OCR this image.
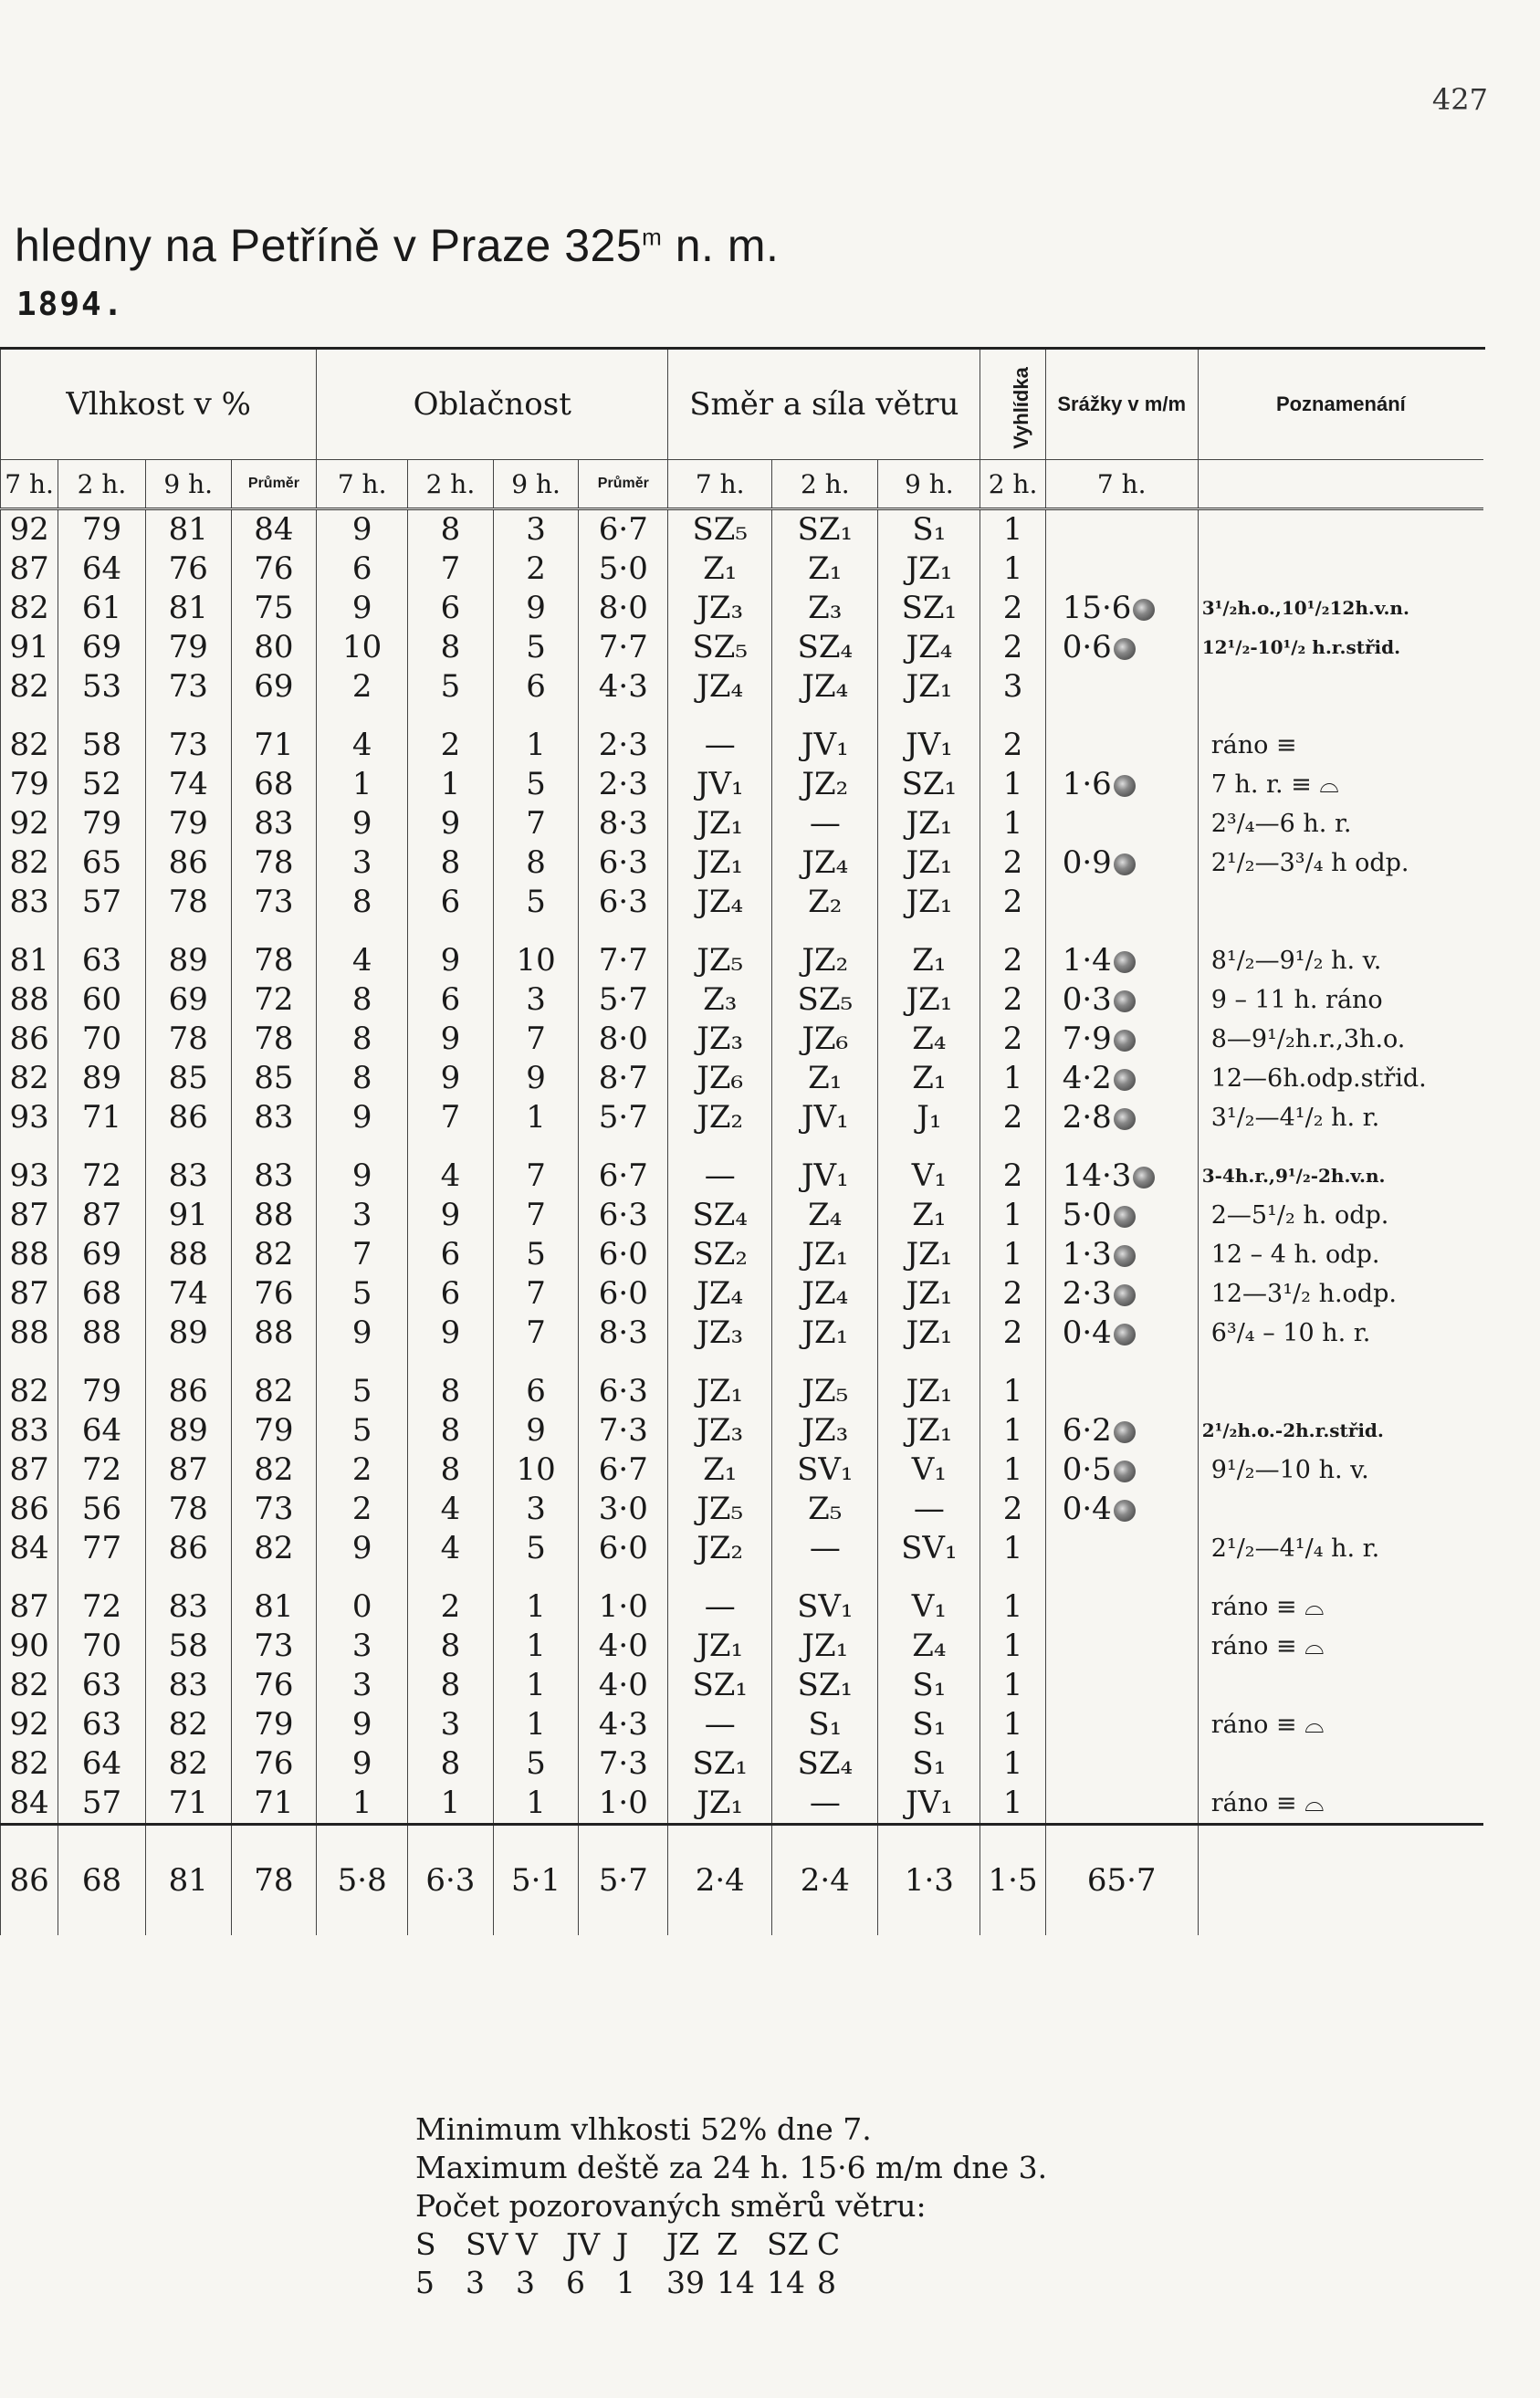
427
hledny na Petříně v Praze 325$^m$ n. m.
1894.
Vlhkost v %				Oblačnost				Směr a síla větru			Vyhlídka	Srážky v m/m	Poznamenání
7 h.	2 h.	9 h.	Průměr	7 h.	2 h.	9 h.	Průměr	7 h.	2 h.	9 h.	2 h.	7 h.	
92	79	81	84	9	8	3	6·7	SZ₅	SZ₁	S₁	1		
87	64	76	76	6	7	2	5·0	Z₁	Z₁	JZ₁	1		
82	61	81	75	9	6	9	8·0	JZ₃	Z₃	SZ₁	2	15·6	3¹/₂h.o.,10¹/₂12h.v.n.
91	69	79	80	10	8	5	7·7	SZ₅	SZ₄	JZ₄	2	0·6	12¹/₂-10¹/₂ h.r.střid.
82	53	73	69	2	5	6	4·3	JZ₄	JZ₄	JZ₁	3		

82	58	73	71	4	2	1	2·3	—	JV₁	JV₁	2		ráno ≡
79	52	74	68	1	1	5	2·3	JV₁	JZ₂	SZ₁	1	1·6	7 h. r. ≡ ⌓
92	79	79	83	9	9	7	8·3	JZ₁	—	JZ₁	1		2³/₄—6 h. r.
82	65	86	78	3	8	8	6·3	JZ₁	JZ₄	JZ₁	2	0·9	2¹/₂—3³/₄ h odp.
83	57	78	73	8	6	5	6·3	JZ₄	Z₂	JZ₁	2		

81	63	89	78	4	9	10	7·7	JZ₅	JZ₂	Z₁	2	1·4	8¹/₂—9¹/₂ h. v.
88	60	69	72	8	6	3	5·7	Z₃	SZ₅	JZ₁	2	0·3	9 – 11 h. ráno
86	70	78	78	8	9	7	8·0	JZ₃	JZ₆	Z₄	2	7·9	8—9¹/₂h.r.,3h.o.
82	89	85	85	8	9	9	8·7	JZ₆	Z₁	Z₁	1	4·2	12—6h.odp.střid.
93	71	86	83	9	7	1	5·7	JZ₂	JV₁	J₁	2	2·8	3¹/₂—4¹/₂ h. r.

93	72	83	83	9	4	7	6·7	—	JV₁	V₁	2	14·3	3-4h.r.,9¹/₂-2h.v.n.
87	87	91	88	3	9	7	6·3	SZ₄	Z₄	Z₁	1	5·0	2—5¹/₂ h. odp.
88	69	88	82	7	6	5	6·0	SZ₂	JZ₁	JZ₁	1	1·3	12 – 4 h. odp.
87	68	74	76	5	6	7	6·0	JZ₄	JZ₄	JZ₁	2	2·3	12—3¹/₂ h.odp.
88	88	89	88	9	9	7	8·3	JZ₃	JZ₁	JZ₁	2	0·4	6³/₄ – 10 h. r.

82	79	86	82	5	8	6	6·3	JZ₁	JZ₅	JZ₁	1		
83	64	89	79	5	8	9	7·3	JZ₃	JZ₃	JZ₁	1	6·2	2¹/₂h.o.-2h.r.střid.
87	72	87	82	2	8	10	6·7	Z₁	SV₁	V₁	1	0·5	9¹/₂—10 h. v.
86	56	78	73	2	4	3	3·0	JZ₅	Z₅	—	2	0·4	
84	77	86	82	9	4	5	6·0	JZ₂	—	SV₁	1		2¹/₂—4¹/₄ h. r.

87	72	83	81	0	2	1	1·0	—	SV₁	V₁	1		ráno ≡ ⌓
90	70	58	73	3	8	1	4·0	JZ₁	JZ₁	Z₄	1		ráno ≡ ⌓
82	63	83	76	3	8	1	4·0	SZ₁	SZ₁	S₁	1		
92	63	82	79	9	3	1	4·3	—	S₁	S₁	1		ráno ≡ ⌓
82	64	82	76	9	8	5	7·3	SZ₁	SZ₄	S₁	1		
84	57	71	71	1	1	1	1·0	JZ₁	—	JV₁	1		ráno ≡ ⌓
86	68	81	78	5·8	6·3	5·1	5·7	2·4	2·4	1·3	1·5	65·7	
Minimum vlhkosti 52% dne 7.
Maximum deště za 24 h. 15·6 m/m dne 3.
Počet pozorovaných směrů větru:
S SV V JV J	JZ Z SZ C
5	3	3	6	1	39 14 14 8
